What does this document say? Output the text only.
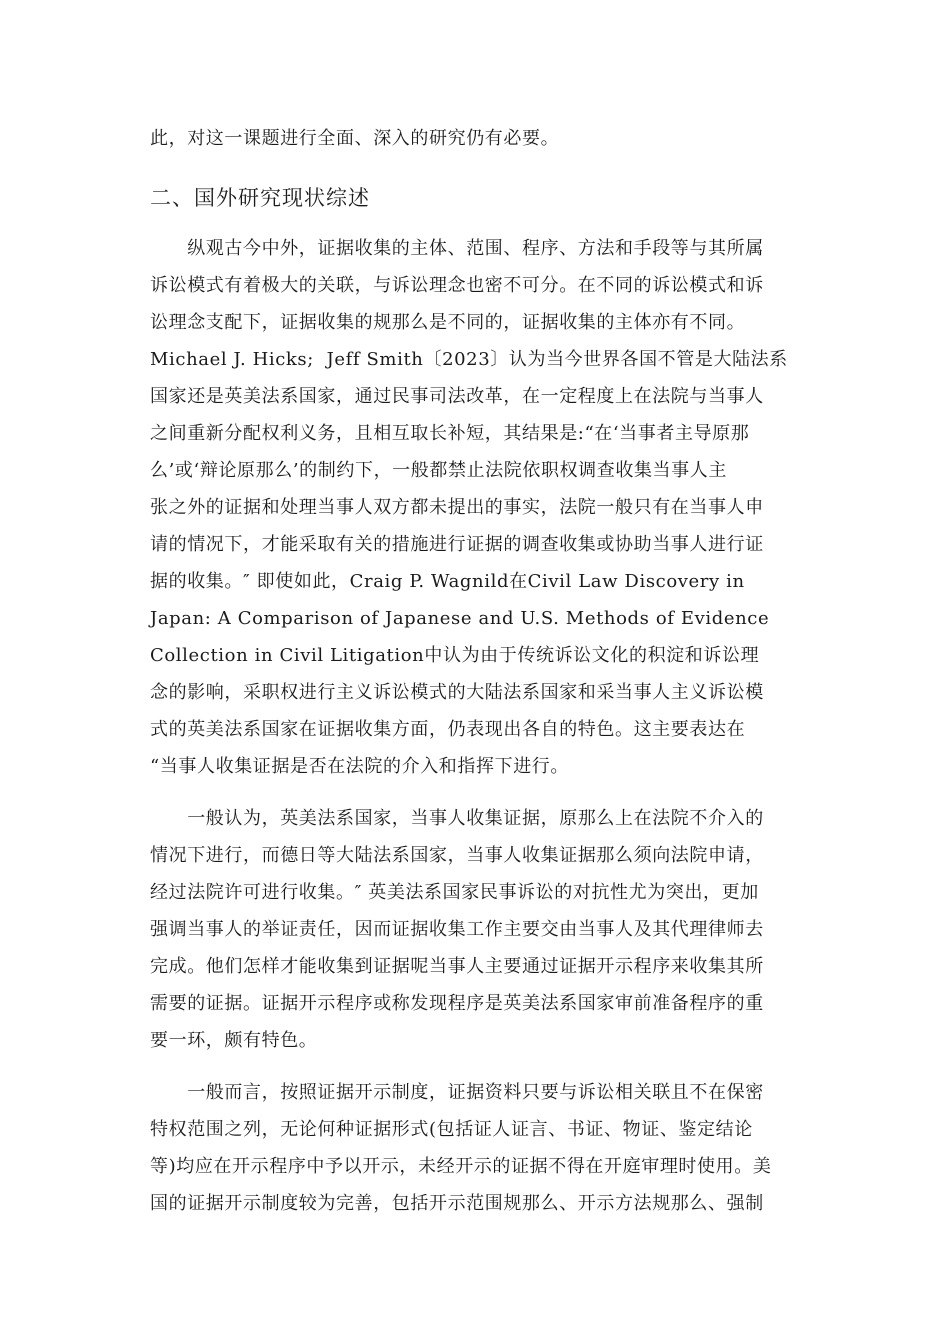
此，对这一课题进行全面、深入的研究仍有必要。
二、国外研究现状综述
　　纵观古今中外，证据收集的主体、范围、程序、方法和手段等与其所属
诉讼模式有着极大的关联，与诉讼理念也密不可分。在不同的诉讼模式和诉
讼理念支配下，证据收集的规那么是不同的，证据收集的主体亦有不同。
Michael J. Hicks;  Jeff Smith〔2023〕认为当今世界各国不管是大陆法系
国家还是英美法系国家，通过民事司法改革，在一定程度上在法院与当事人
之间重新分配权利义务，且相互取长补短，其结果是:“在‘当事者主导原那
么’或‘辩论原那么’的制约下，一般都禁止法院依职权调查收集当事人主
张之外的证据和处理当事人双方都未提出的事实，法院一般只有在当事人申
请的情况下，才能采取有关的措施进行证据的调查收集或协助当事人进行证
据的收集。″ 即使如此，Craig P. Wagnild在Civil Law Discovery in
Japan: A Comparison of Japanese and U.S. Methods of Evidence
Collection in Civil Litigation中认为由于传统诉讼文化的积淀和诉讼理
念的影响，采职权进行主义诉讼模式的大陆法系国家和采当事人主义诉讼模
式的英美法系国家在证据收集方面，仍表现出各自的特色。这主要表达在
“当事人收集证据是否在法院的介入和指挥下进行。
　　一般认为，英美法系国家，当事人收集证据，原那么上在法院不介入的
情况下进行，而德日等大陆法系国家，当事人收集证据那么须向法院申请，
经过法院许可进行收集。″ 英美法系国家民事诉讼的对抗性尤为突出，更加
强调当事人的举证责任，因而证据收集工作主要交由当事人及其代理律师去
完成。他们怎样才能收集到证据呢当事人主要通过证据开示程序来收集其所
需要的证据。证据开示程序或称发现程序是英美法系国家审前准备程序的重
要一环，颇有特色。
　　一般而言，按照证据开示制度，证据资料只要与诉讼相关联且不在保密
特权范围之列，无论何种证据形式(包括证人证言、书证、物证、鉴定结论
等)均应在开示程序中予以开示，未经开示的证据不得在开庭审理时使用。美
国的证据开示制度较为完善，包括开示范围规那么、开示方法规那么、强制
